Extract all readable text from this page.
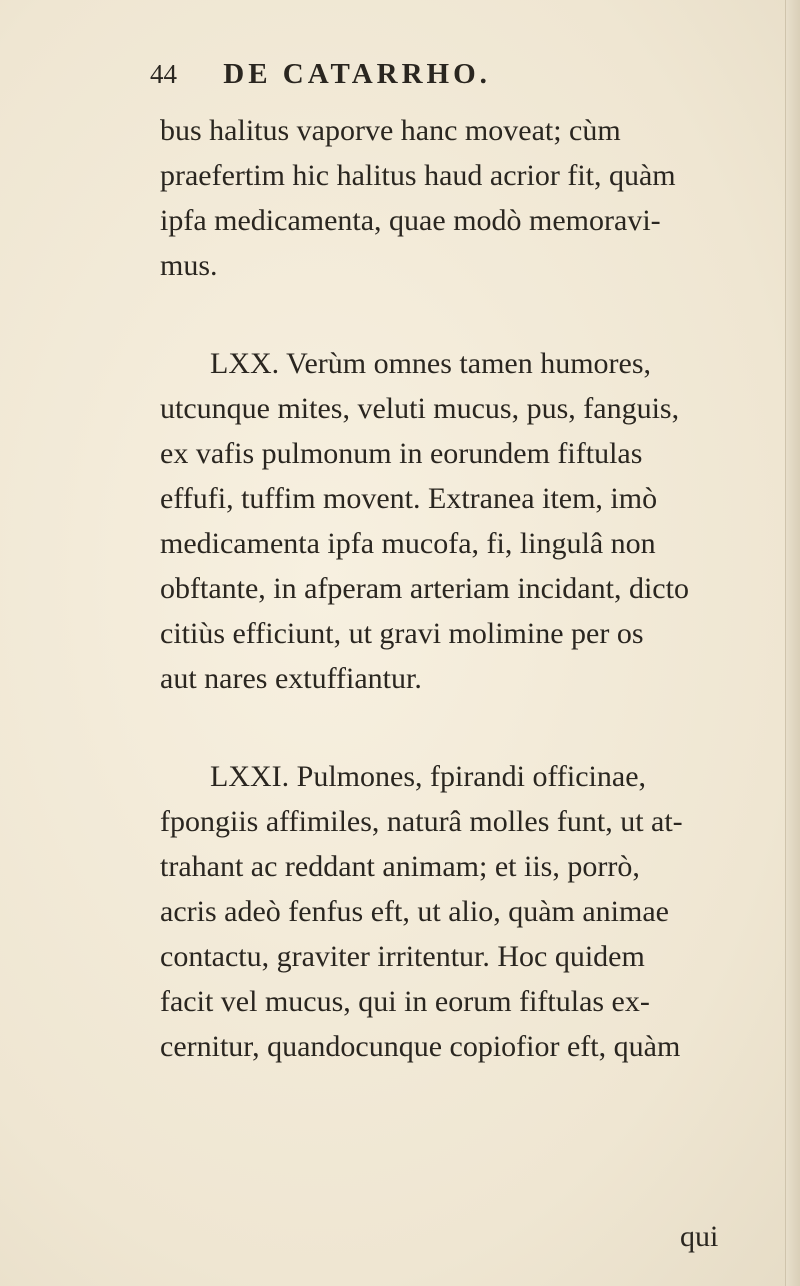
44 DE CATARRHO.
bus halitus vaporve hanc moveat; cùm
praefertim hic halitus haud acrior fit, quàm
ipfa medicamenta, quae modò memoravi-
mus.
LXX. Verùm omnes tamen humores,
utcunque mites, veluti mucus, pus, fanguis,
ex vafis pulmonum in eorundem fiftulas
effufi, tuffim movent. Extranea item, imò
medicamenta ipfa mucofa, fi, lingulâ non
obftante, in afperam arteriam incidant, dicto
citiùs efficiunt, ut gravi molimine per os
aut nares extuffiantur.
LXXI. Pulmones, fpirandi officinae,
fpongiis affimiles, naturâ molles funt, ut at-
trahant ac reddant animam; et iis, porrò,
acris adeò fenfus eft, ut alio, quàm animae
contactu, graviter irritentur. Hoc quidem
facit vel mucus, qui in eorum fiftulas ex-
cernitur, quandocunque copiofior eft, quàm
qui
